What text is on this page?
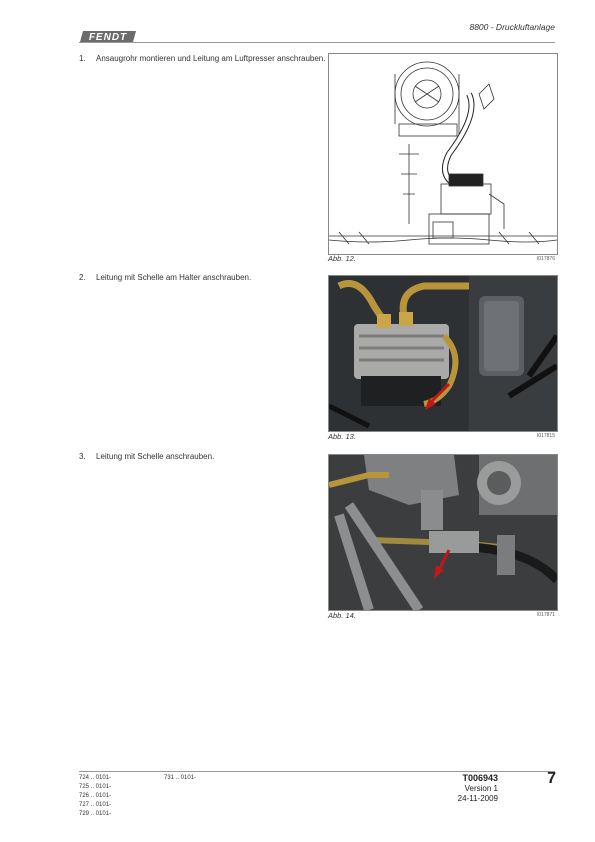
FENDT
8800 - Druckluftanlage
1. Ansaugrohr montieren und Leitung am Luftpresser anschrauben.
Abb. 12.	I017876
2. Leitung mit Schelle am Halter anschrauben.
Abb. 13.	I017815
3. Leitung mit Schelle anschrauben.
Abb. 14.	I017871
724 .. 0101-
725 .. 0101-
726 .. 0101-
727 .. 0101-
729 .. 0101-
731 .. 0101-	T006943
Version 1
24-11-2009
7
